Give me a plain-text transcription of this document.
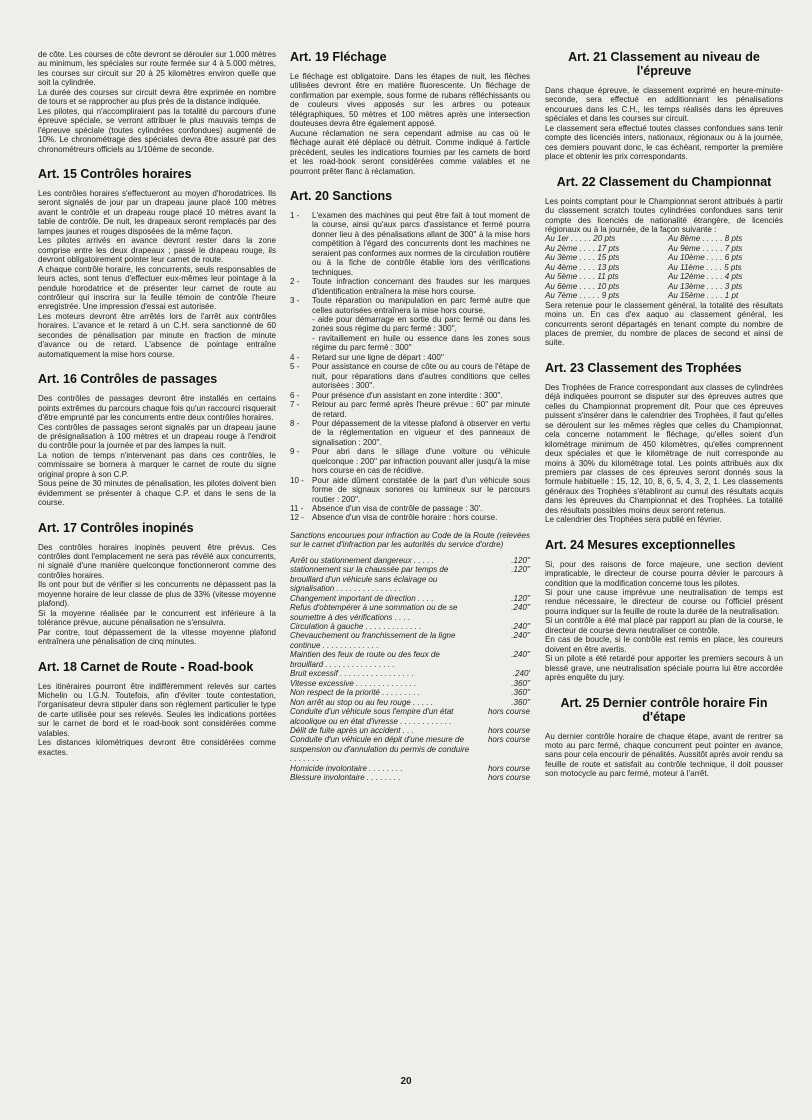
de côte. Les courses de côte devront se dérouler sur 1.000 mètres au minimum, les spéciales sur route fermée sur 4 à 5.000 mètres, les courses sur circuit sur 20 à 25 kilomètres environ quelle que soit la cylindrée.
La durée des courses sur circuit devra être exprimée en nombre de tours et se rapprocher au plus près de la distance indiquée.
Les pilotes, qui n'accompliraient pas la totalité du parcours d'une épreuve spéciale, se verront attribuer le plus mauvais temps de l'épreuve spéciale (toutes cylindrées confondues) augmenté de 10%. Le chronométrage des spéciales devra être assuré par des chronométreurs officiels au 1/10ème de seconde.

Art. 15 Contrôles horaires

Les contrôles horaires s'effectueront au moyen d'horodatrices. Ils seront signalés de jour par un drapeau jaune placé 100 mètres avant le contrôle et un drapeau rouge placé 10 mètres avant la table de contrôle. De nuit, les drapeaux seront remplacés par des lampes jaunes et rouges disposées de la même façon.
Les pilotes arrivés en avance devront rester dans la zone comprise entre les deux drapeaux ; passé le drapeau rouge, ils devront obligatoirement pointer leur carnet de route.
A chaque contrôle horaire, les concurrents, seuls responsables de leurs actes, sont tenus d'effectuer eux-mêmes leur pointage à la pendule horodatrice et de présenter leur carnet de route au contrôleur qui inscrira sur la feuille témoin de contrôle l'heure enregistrée. Une impression d'essai est autorisée.
Les moteurs devront être arrêtés lors de l'arrêt aux contrôles horaires. L'avance et le retard à un C.H. sera sanctionné de 60 secondes de pénalisation par minute en fraction de minute d'avance ou de retard. L'absence de pointage entraîne automatiquement la mise hors course.

Art. 16 Contrôles de passages

Des contrôles de passages devront être installés en certains points extrêmes du parcours chaque fois qu'un raccourci risquerait d'être emprunté par les concurrents entre deux contrôles horaires.
Ces contrôles de passages seront signalés par un drapeau jaune de présignalisation à 100 mètres et un drapeau rouge à l'endroit du contrôle pour la journée et par des lampes la nuit.
La notion de temps n'intervenant pas dans ces contrôles, le commissaire se bornera à marquer le carnet de route du signe original propre à son C.P.
Sous peine de 30 minutes de pénalisation, les pilotes doivent bien évidemment se présenter à chaque C.P. et dans le sens de la course.

Art. 17 Contrôles inopinés

Des contrôles horaires inopinés peuvent être prévus. Ces contrôles dont l'emplacement ne sera pas révélé aux concurrents, ni signalé d'une manière quelconque fonctionneront comme des contrôles horaires.
Ils ont pour but de vérifier si les concurrents ne dépassent pas la moyenne horaire de leur classe de plus de 33% (vitesse moyenne plafond).
Si la moyenne réalisée par le concurrent est inférieure à la tolérance prévue, aucune pénalisation ne s'ensuivra.
Par contre, tout dépassement de la vitesse moyenne plafond entraînera une pénalisation de cinq minutes.

Art. 18 Carnet de Route - Road-book

Les itinéraires pourront être indifféremment relevés sur cartes Michelin ou I.G.N. Toutefois, afin d'éviter toute contestation, l'organisateur devra stipuler dans son règlement particulier le type de carte utilisée pour ses relevés. Seules les indications portées sur le carnet de bord et le road-book sont considérées comme valables.
Les distances kilométriques devront être considérées comme exactes.

Art. 19 Fléchage

Le fléchage est obligatoire. Dans les étapes de nuit, les flèches utilisées devront être en matière fluorescente. Un fléchage de confirmation par exemple, sous forme de rubans réfléchissants ou de couleurs vives apposés sur les arbres ou poteaux télégraphiques, 50 mètres et 100 mètres après une intersection douteuses devra être également apposé.
Aucune réclamation ne sera cependant admise au cas où le fléchage aurait été déplacé ou détruit. Comme indiqué à l'article précédent, seules les indications fournies par les carnets de bord et les road-book seront considérées comme valables et ne pourront prêter flanc à réclamation.

Art. 20 Sanctions
1 -	L'examen des machines qui peut être fait à tout moment de la course, ainsi qu'aux parcs d'assistance et fermé pourra donner lieu à des pénalisations allant de 300'' à la mise hors compétition à l'égard des concurrents dont les machines ne seraient pas conformes aux normes de la circulation routière ou à la fiche de contrôle établie lors des vérifications techniques.
2 -	Toute infraction concernant des fraudes sur les marques d'identification entraînera la mise hors course.
3 -	Toute réparation ou manipulation en parc fermé autre que celles autorisées entraînera la mise hors course,
- aide pour démarrage en sortie du parc fermé ou dans les zones sous régime du parc fermé : 300'',
- ravitaillement en huile ou essence dans les zones sous régime du parc fermé : 300''
4 -	Retard sur une ligne de départ : 400''
5 -	Pour assistance en course de côte ou au cours de l'étape de nuit, pour réparations dans d'autres conditions que celles autorisées : 300''.
6 -	Pour présence d'un assistant en zone interdite : 300''.
7 -	Retour au parc fermé après l'heure prévue : 60'' par minute de retard.
8 -	Pour dépassement de la vitesse plafond à observer en vertu de la réglementation en vigueur et des panneaux de signalisation : 200''.
9 -	Pour abri dans le sillage d'une voiture ou véhicule quelconque : 200'' par infraction pouvant aller jusqu'à la mise hors course en cas de récidive.
10 -	Pour aide dûment constatée de la part d'un véhicule sous forme de signaux sonores ou lumineux sur le parcours routier : 200''.
11 -	Absence d'un visa de contrôle de passage : 30'.
12 -	Absence d'un visa de contrôle horaire : hors course.

Sanctions encourues pour infraction au Code de la Route (relevées sur le carnet d'infraction par les autorités du service d'ordre)

Arrêt ou stationnement dangereux . . . . .	.120''
stationnement sur la chaussée par temps de brouillard d'un véhicule sans éclairage ou signalisation . . . . . . . . . . . . . . .
.120''
Changement important de direction . . . .	.120''
Refus d'obtempérer à une sommation ou de se soumettre à des vérifications . . . .
.240''
Circulation à gauche . . . . . . . . . . . . .	.240''
Chevauchement ou franchissement de la ligne continue . . . . . . . . . . . . .
.240''
Maintien des feux de route ou des feux de brouillard . . . . . . . . . . . . . . . .
.240''
Bruit excessif . . . . . . . . . . . . . . . . .	.240'
Vitesse excessive . . . . . . . . . . . . . .	.360''
Non respect de la priorité . . . . . . . . .	.360''
Non arrêt au stop ou au feu rouge . . . . .	.360''
Conduite d'un véhicule sous l'empire d'un état alcoolique ou en état d'ivresse . . . . . . . . . . . .
hors course
Délit de fuite après un accident . . .	hors course
Conduite d'un véhicule en dépit d'une mesure de suspension ou d'annulation du permis de conduire . . . . . . .
hors course
Homicide involontaire . . . . . . . .	hors course
Blessure involontaire . . . . . . . .	hors course
Art. 21 Classement au niveau de l'épreuve

Dans chaque épreuve, le classement exprimé en heure-minute-seconde, sera effectué en additionnant les pénalisations encourues dans les C.H., les temps réalisés dans les épreuves spéciales et dans les courses sur circuit.
Le classement sera effectué toutes classes confondues sans tenir compte des licenciés inters, nationaux, régionaux ou à la journée, ces derniers pouvant donc, le cas échéant, remporter la première place et obtenir les prix correspondants.

Art. 22 Classement du Championnat

Les points comptant pour le Championnat seront attribués à partir du classement scratch toutes cylindrées confondues sans tenir compte des licenciés de nationalité étrangère, de licenciés régionaux ou à la journée, de la façon suivante :

Au 1er . . . . . 20 pts	Au 8ème . . . . . 8 pts
Au 2ème . . . . 17 pts	Au 9ème . . . . . 7 pts
Au 3ème . . . . 15 pts	Au 10ème . . . . 6 pts
Au 4ème . . . . 13 pts	Au 11ème . . . . 5 pts
Au 5ème . . . . 11 pts	Au 12ème . . . . 4 pts
Au 6ème . . . . 10 pts	Au 13ème . . . . 3 pts
Au 7ème . . . . . 9 pts	Au 15ème . . . . 1 pt

Sera retenue pour le classement général, la totalité des résultats moins un. En cas d'ex aaquo au classement général, les concurrents seront départagés en tenant compte du nombre de places de premier, du nombre de places de second et ainsi de suite.

Art. 23 Classement des Trophées

Des Trophées de France correspondant aux classes de cylindrées déjà indiquées pourront se disputer sur des épreuves autres que celles du Championnat proprement dit. Pour que ces épreuves puissent s'insérer dans le calendrier des Trophées, il faut qu'elles se déroulent sur les mêmes règles que celles du Championnat, cela concerne notamment le fléchage, qu'elles soient d'un kilométrage minimum de 450 kilomètres, qu'elles comprennent deux spéciales et que le kilométrage de nuit corresponde au moins à 30% du kilométrage total. Les points attribués aux dix premiers par classes de ces épreuves seront donnés sous la formule habituelle : 15, 12, 10, 8, 6, 5, 4, 3, 2, 1. Les classements généraux des Trophées s'établiront au cumul des résultats acquis dans les épreuves du Championnat et des Trophées. La totalité des résultats possibles moins deux seront retenus.
Le calendrier des Trophées sera publié en février.

Art. 24 Mesures exceptionnelles

Si, pour des raisons de force majeure, une section devient impraticable, le directeur de course pourra dévier le parcours à condition que la modification concerne tous les pilotes.
Si pour une cause imprévue une neutralisation de temps est rendue nécessaire, le directeur de course ou l'officiel présent pourra indiquer sur la feuille de route la durée de la neutralisation.
Si un contrôle a été mal placé par rapport au plan de la course, le directeur de course devra neutraliser ce contrôle.
En cas de boucle, si le contrôle est remis en place, les coureurs doivent en être avertis.
Si un pilote a été retardé pour apporter les premiers secours à un blessé grave, une neutralisation spéciale pourra lui être accordée après enquête du jury.

Art. 25 Dernier contrôle horaire Fin d'étape

Au dernier contrôle horaire de chaque étape, avant de rentrer sa moto au parc fermé, chaque concurrent peut pointer en avance, sans pour cela encourir de pénalités. Aussitôt après avoir rendu sa feuille de route et satisfait au contrôle technique, il doit pousser son motocycle au parc fermé, moteur à l'arrêt.

20
